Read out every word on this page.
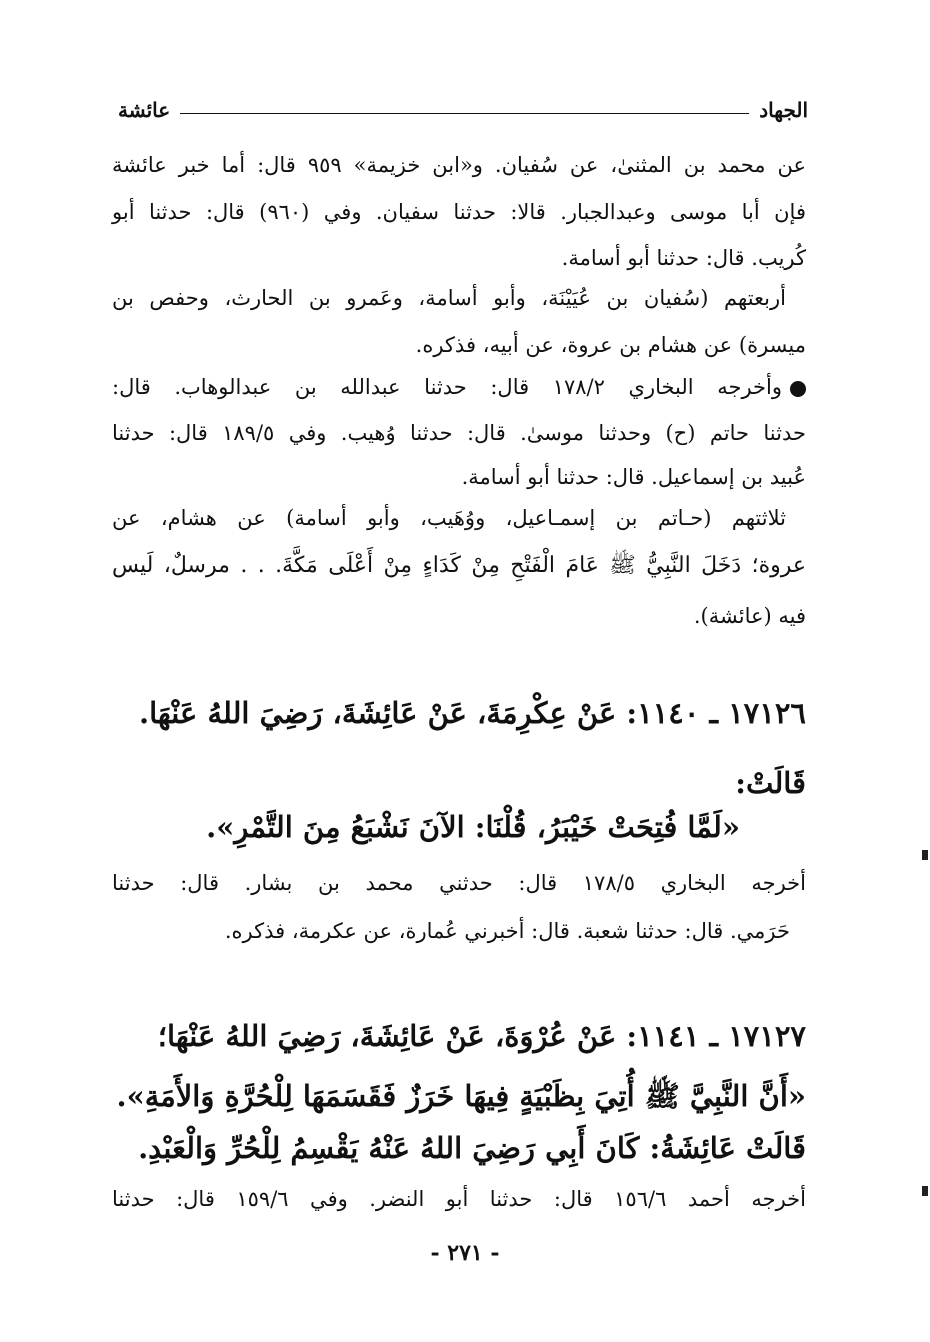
الجهاد
عائشة
عن محمد بن المثنىٰ، عن سُفيان. و«ابن خزيمة» ٩٥٩ قال: أما خبر عائشة
فإن أبا موسى وعبدالجبار. قالا: حدثنا سفيان. وفي (٩٦٠) قال: حدثنا أبو
كُريب. قال: حدثنا أبو أسامة.
أربعتهم (سُفيان بن عُيَيْنَة، وأبو أسامة، وعَمرو بن الحارث، وحفص بن
ميسرة) عن هشام بن عروة، عن أبيه، فذكره.
وأخرجه البخاري ١٧٨/٢ قال: حدثنا عبدالله بن عبدالوهاب. قال:
حدثنا حاتم (ح) وحدثنا موسىٰ. قال: حدثنا وُهيب. وفي ١٨٩/٥ قال: حدثنا
عُبيد بن إسماعيل. قال: حدثنا أبو أسامة.
ثلاثتهم (حـاتم بن إسمـاعيل، ووُهَيب، وأبو أسامة) عن هشام، عن
عروة؛ دَخَلَ النَّبِيُّ ﷺ عَامَ الْفَتْحِ مِنْ كَدَاءٍ مِنْ أَعْلَى مَكَّةَ. . . مرسلٌ، لَيس
فيه (عائشة).
١٧١٢٦ ـ ١١٤٠: عَنْ عِكْرِمَةَ، عَنْ عَائِشَةَ، رَضِيَ اللهُ عَنْهَا.
قَالَتْ:
«لَمَّا فُتِحَتْ خَيْبَرُ، قُلْنَا: الآنَ نَشْبَعُ مِنَ التَّمْرِ».
أخرجه البخاري ١٧٨/٥ قال: حدثني محمد بن بشار. قال: حدثنا
حَرَمي. قال: حدثنا شعبة. قال: أخبرني عُمارة، عن عكرمة، فذكره.
١٧١٢٧ ـ ١١٤١: عَنْ عُرْوَةَ، عَنْ عَائِشَةَ، رَضِيَ اللهُ عَنْهَا؛
«أَنَّ النَّبِيَّ ﷺ أُتِيَ بِظَبْيَةٍ فِيهَا خَرَزٌ فَقَسَمَهَا لِلْحُرَّةِ وَالأَمَةِ».
قَالَتْ عَائِشَةُ: كَانَ أَبِي رَضِيَ اللهُ عَنْهُ يَقْسِمُ لِلْحُرِّ وَالْعَبْدِ.
أخرجه أحمد ١٥٦/٦ قال: حدثنا أبو النضر. وفي ١٥٩/٦ قال: حدثنا
- ٢٧١ -
